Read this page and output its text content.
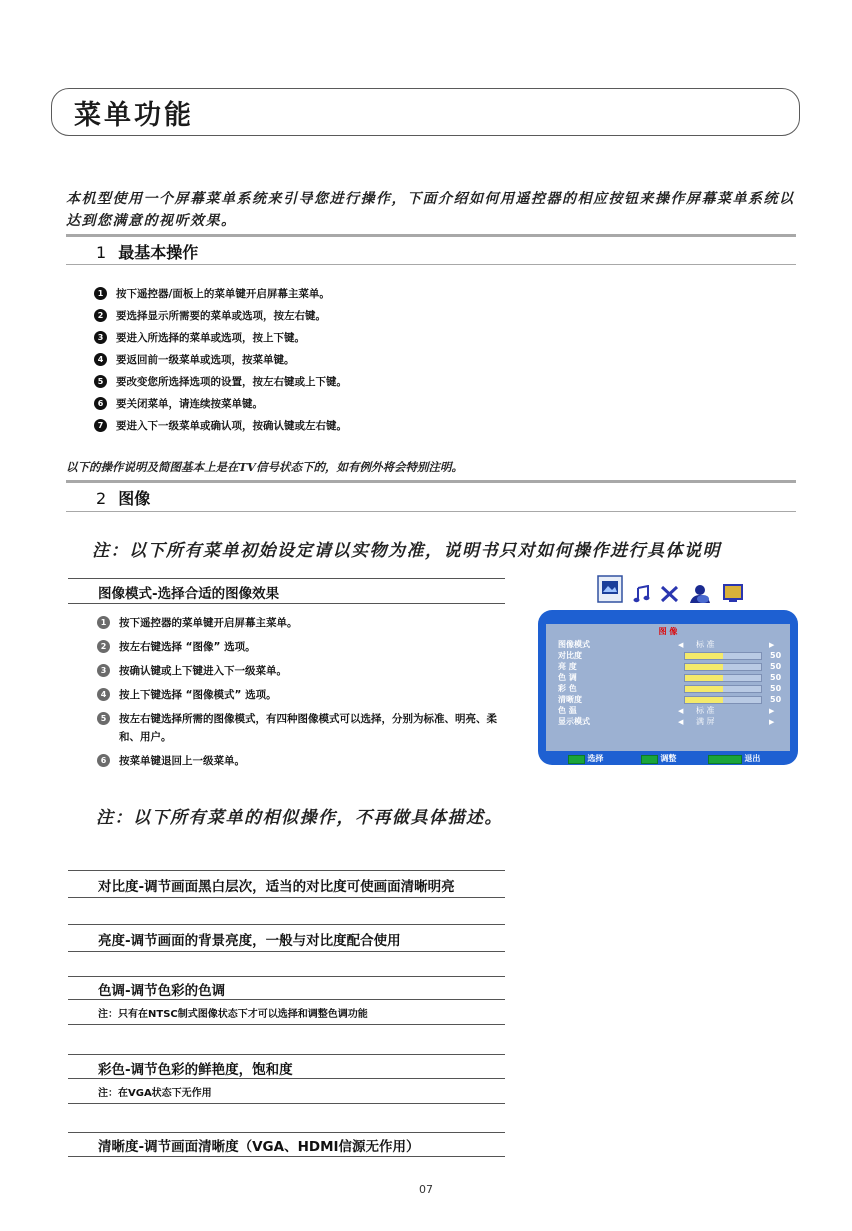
菜单功能
本机型使用一个屏幕菜单系统来引导您进行操作，下面介绍如何用遥控器的相应按钮来操作屏幕菜单系统以达到您满意的视听效果。
1 最基本操作
1	按下遥控器/面板上的菜单键开启屏幕主菜单。
2	要选择显示所需要的菜单或选项，按左右键。
3	要进入所选择的菜单或选项，按上下键。
4	要返回前一级菜单或选项，按菜单键。
5	要改变您所选择选项的设置，按左右键或上下键。
6	要关闭菜单，请连续按菜单键。
7	要进入下一级菜单或确认项，按确认键或左右键。
以下的操作说明及简图基本上是在TV信号状态下的，如有例外将会特别注明。
2 图像
注：以下所有菜单初始设定请以实物为准，说明书只对如何操作进行具体说明
图像模式-选择合适的图像效果
1	按下遥控器的菜单键开启屏幕主菜单。
2	按左右键选择 “图像” 选项。
3	按确认键或上下键进入下一级菜单。
4	按上下键选择 “图像模式” 选项。
5	按左右键选择所需的图像模式，有四种图像模式可以选择，分别为标准、明亮、柔和、用户。
6	按菜单键退回上一级菜单。
图 像
图像模式	◀ 标 准	▶
对比度	50
亮 度	50
色 调	50
彩 色	50
清晰度	50
色 温	◀ 标 准	▶
显示模式	◀ 满 屏	▶
■■ 选择	■■ 调整	■■■■■ 退出
注：以下所有菜单的相似操作，不再做具体描述。
对比度-调节画面黑白层次，适当的对比度可使画面清晰明亮
亮度-调节画面的背景亮度，一般与对比度配合使用
色调-调节色彩的色调
注：只有在NTSC制式图像状态下才可以选择和调整色调功能
彩色-调节色彩的鲜艳度，饱和度
注：在VGA状态下无作用
清晰度-调节画面清晰度（VGA、HDMI信源无作用）
07
